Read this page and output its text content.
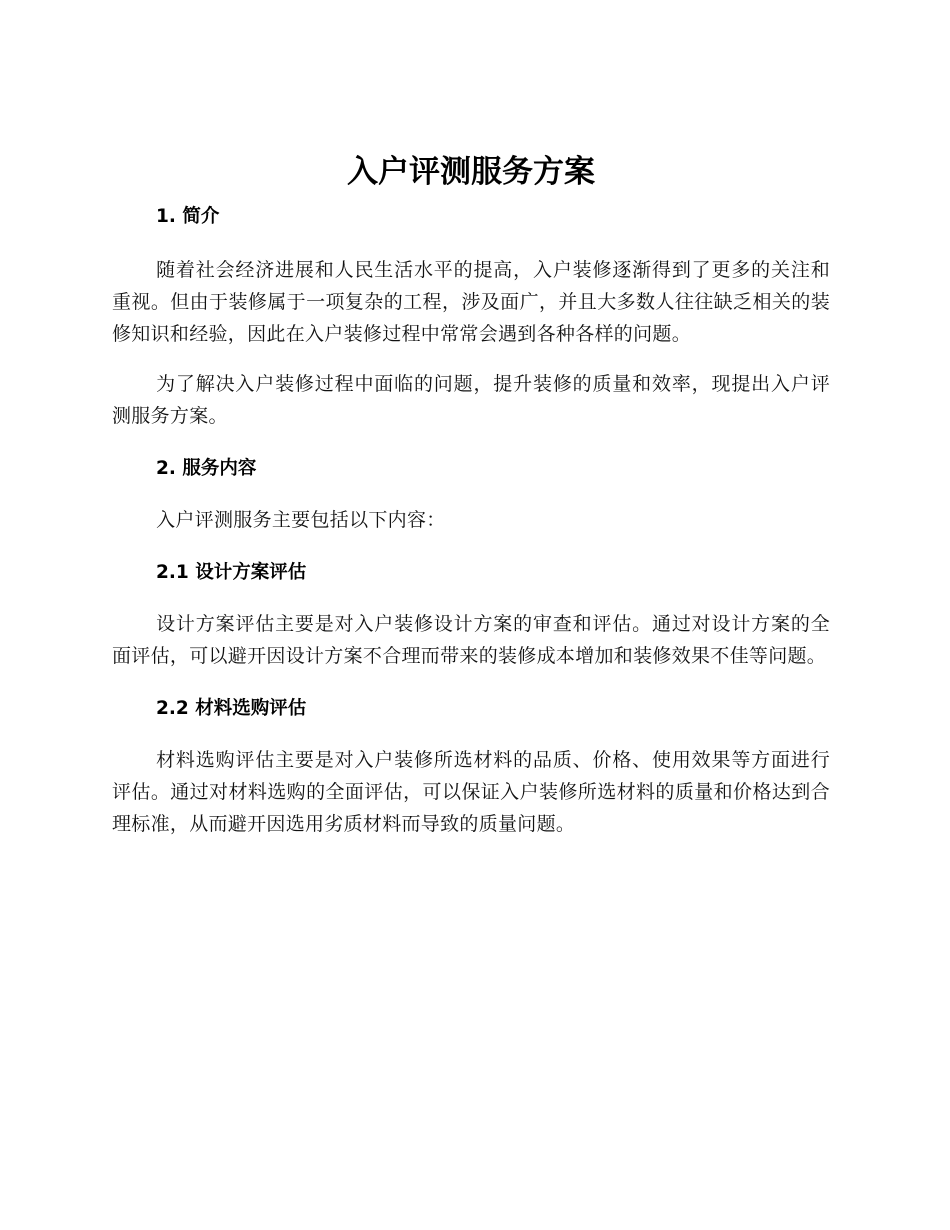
入户评测服务方案
1. 简介

随着社会经济进展和人民生活水平的提高，入户装修逐渐得到了更多的关注和重视。但由于装修属于一项复杂的工程，涉及面广，并且大多数人往往缺乏相关的装修知识和经验，因此在入户装修过程中常常会遇到各种各样的问题。

为了解决入户装修过程中面临的问题，提升装修的质量和效率，现提出入户评测服务方案。

2. 服务内容

入户评测服务主要包括以下内容：

2.1 设计方案评估

设计方案评估主要是对入户装修设计方案的审查和评估。通过对设计方案的全面评估，可以避开因设计方案不合理而带来的装修成本增加和装修效果不佳等问题。

2.2 材料选购评估

材料选购评估主要是对入户装修所选材料的品质、价格、使用效果等方面进行评估。通过对材料选购的全面评估，可以保证入户装修所选材料的质量和价格达到合理标准，从而避开因选用劣质材料而导致的质量问题。
